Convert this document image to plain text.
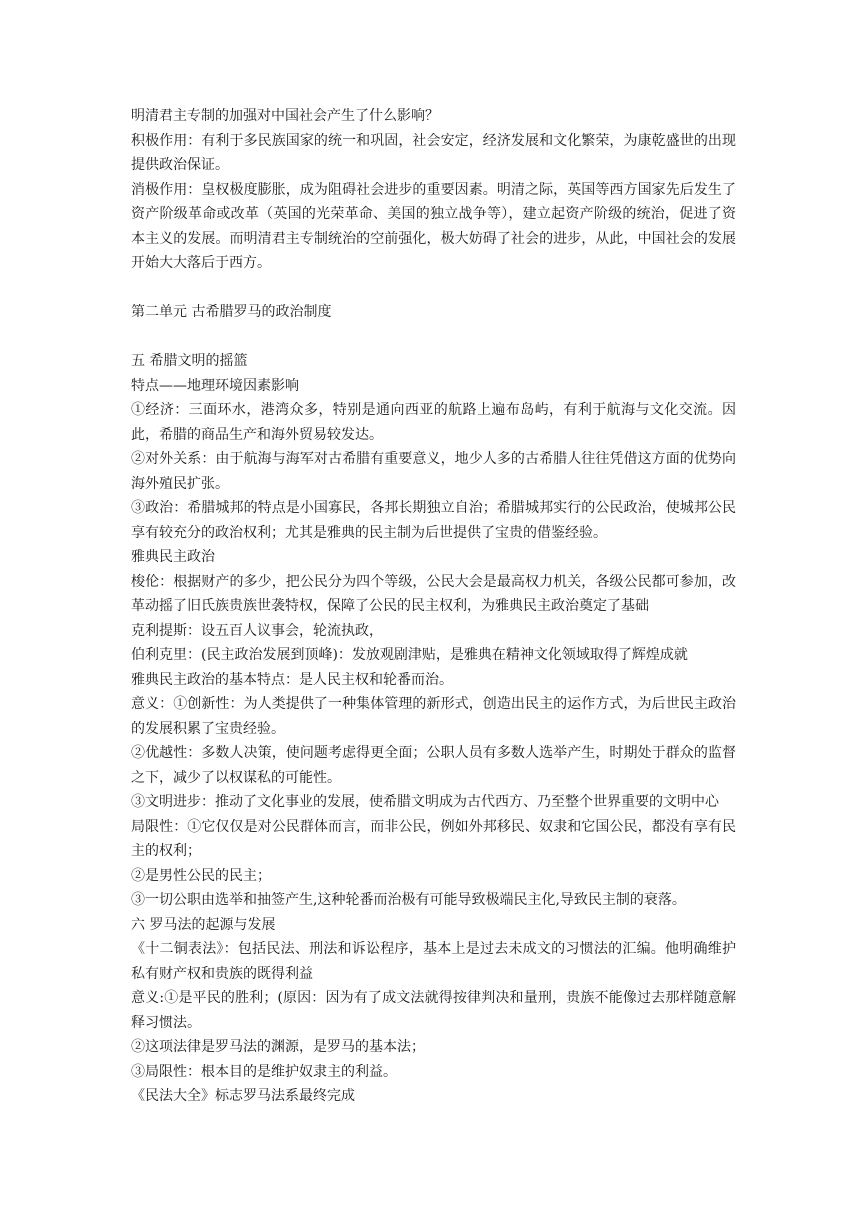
明清君主专制的加强对中国社会产生了什么影响？

积极作用：有利于多民族国家的统一和巩固，社会安定，经济发展和文化繁荣，为康乾盛世的出现提供政治保证。

消极作用：皇权极度膨胀，成为阻碍社会进步的重要因素。明清之际，英国等西方国家先后发生了资产阶级革命或改革（英国的光荣革命、美国的独立战争等），建立起资产阶级的统治，促进了资本主义的发展。而明清君主专制统治的空前强化，极大妨碍了社会的进步，从此，中国社会的发展开始大大落后于西方。

第二单元 古希腊罗马的政治制度

五 希腊文明的摇篮

特点——地理环境因素影响

①经济：三面环水，港湾众多，特别是通向西亚的航路上遍布岛屿，有利于航海与文化交流。因此，希腊的商品生产和海外贸易较发达。

②对外关系：由于航海与海军对古希腊有重要意义，地少人多的古希腊人往往凭借这方面的优势向海外殖民扩张。

③政治：希腊城邦的特点是小国寡民，各邦长期独立自治；希腊城邦实行的公民政治，使城邦公民享有较充分的政治权利；尤其是雅典的民主制为后世提供了宝贵的借鉴经验。

雅典民主政治

梭伦：根据财产的多少，把公民分为四个等级，公民大会是最高权力机关，各级公民都可参加，改革动摇了旧氏族贵族世袭特权，保障了公民的民主权利，为雅典民主政治奠定了基础

克利提斯：设五百人议事会，轮流执政，

伯利克里：(民主政治发展到顶峰)：发放观剧津贴，是雅典在精神文化领域取得了辉煌成就

雅典民主政治的基本特点：是人民主权和轮番而治。

意义：①创新性：为人类提供了一种集体管理的新形式，创造出民主的运作方式，为后世民主政治的发展积累了宝贵经验。

②优越性：多数人决策，使问题考虑得更全面；公职人员有多数人选举产生，时期处于群众的监督之下，减少了以权谋私的可能性。

③文明进步：推动了文化事业的发展，使希腊文明成为古代西方、乃至整个世界重要的文明中心

局限性：①它仅仅是对公民群体而言，而非公民，例如外邦移民、奴隶和它国公民，都没有享有民主的权利；

②是男性公民的民主；

③一切公职由选举和抽签产生,这种轮番而治极有可能导致极端民主化,导致民主制的衰落。

六 罗马法的起源与发展

《十二铜表法》：包括民法、刑法和诉讼程序，基本上是过去未成文的习惯法的汇编。他明确维护私有财产权和贵族的既得利益

意义:①是平民的胜利；(原因：因为有了成文法就得按律判决和量刑，贵族不能像过去那样随意解释习惯法。

②这项法律是罗马法的渊源，是罗马的基本法；

③局限性：根本目的是维护奴隶主的利益。

《民法大全》标志罗马法系最终完成
